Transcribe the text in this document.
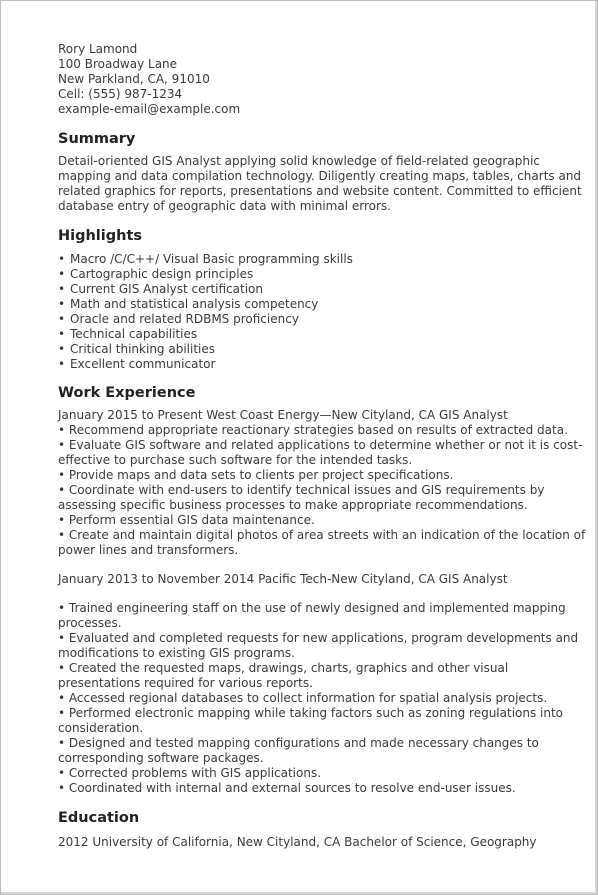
Rory Lamond
100 Broadway Lane
New Parkland, CA, 91010
Cell: (555) 987-1234
example-email@example.com
Summary

Detail-oriented GIS Analyst applying solid knowledge of field-related geographic mapping and data compilation technology. Diligently creating maps, tables, charts and related graphics for reports, presentations and website content. Committed to efficient database entry of geographic data with minimal errors.

Highlights
• Macro /C/C++/ Visual Basic programming skills
• Cartographic design principles
• Current GIS Analyst certification
• Math and statistical analysis competency
• Oracle and related RDBMS proficiency
• Technical capabilities
• Critical thinking abilities
• Excellent communicator
Work Experience
January 2015 to Present West Coast Energy—New Cityland, CA GIS Analyst
• Recommend appropriate reactionary strategies based on results of extracted data.
• Evaluate GIS software and related applications to determine whether or not it is cost-effective to purchase such software for the intended tasks.
• Provide maps and data sets to clients per project specifications.
• Coordinate with end-users to identify technical issues and GIS requirements by assessing specific business processes to make appropriate recommendations.
• Perform essential GIS data maintenance.
• Create and maintain digital photos of area streets with an indication of the location of power lines and transformers.
January 2013 to November 2014 Pacific Tech-New Cityland, CA GIS Analyst
• Trained engineering staff on the use of newly designed and implemented mapping processes.
• Evaluated and completed requests for new applications, program developments and modifications to existing GIS programs.
• Created the requested maps, drawings, charts, graphics and other visual presentations required for various reports.
• Accessed regional databases to collect information for spatial analysis projects.
• Performed electronic mapping while taking factors such as zoning regulations into consideration.
• Designed and tested mapping configurations and made necessary changes to corresponding software packages.
• Corrected problems with GIS applications.
• Coordinated with internal and external sources to resolve end-user issues.
Education
2012 University of California, New Cityland, CA Bachelor of Science, Geography
